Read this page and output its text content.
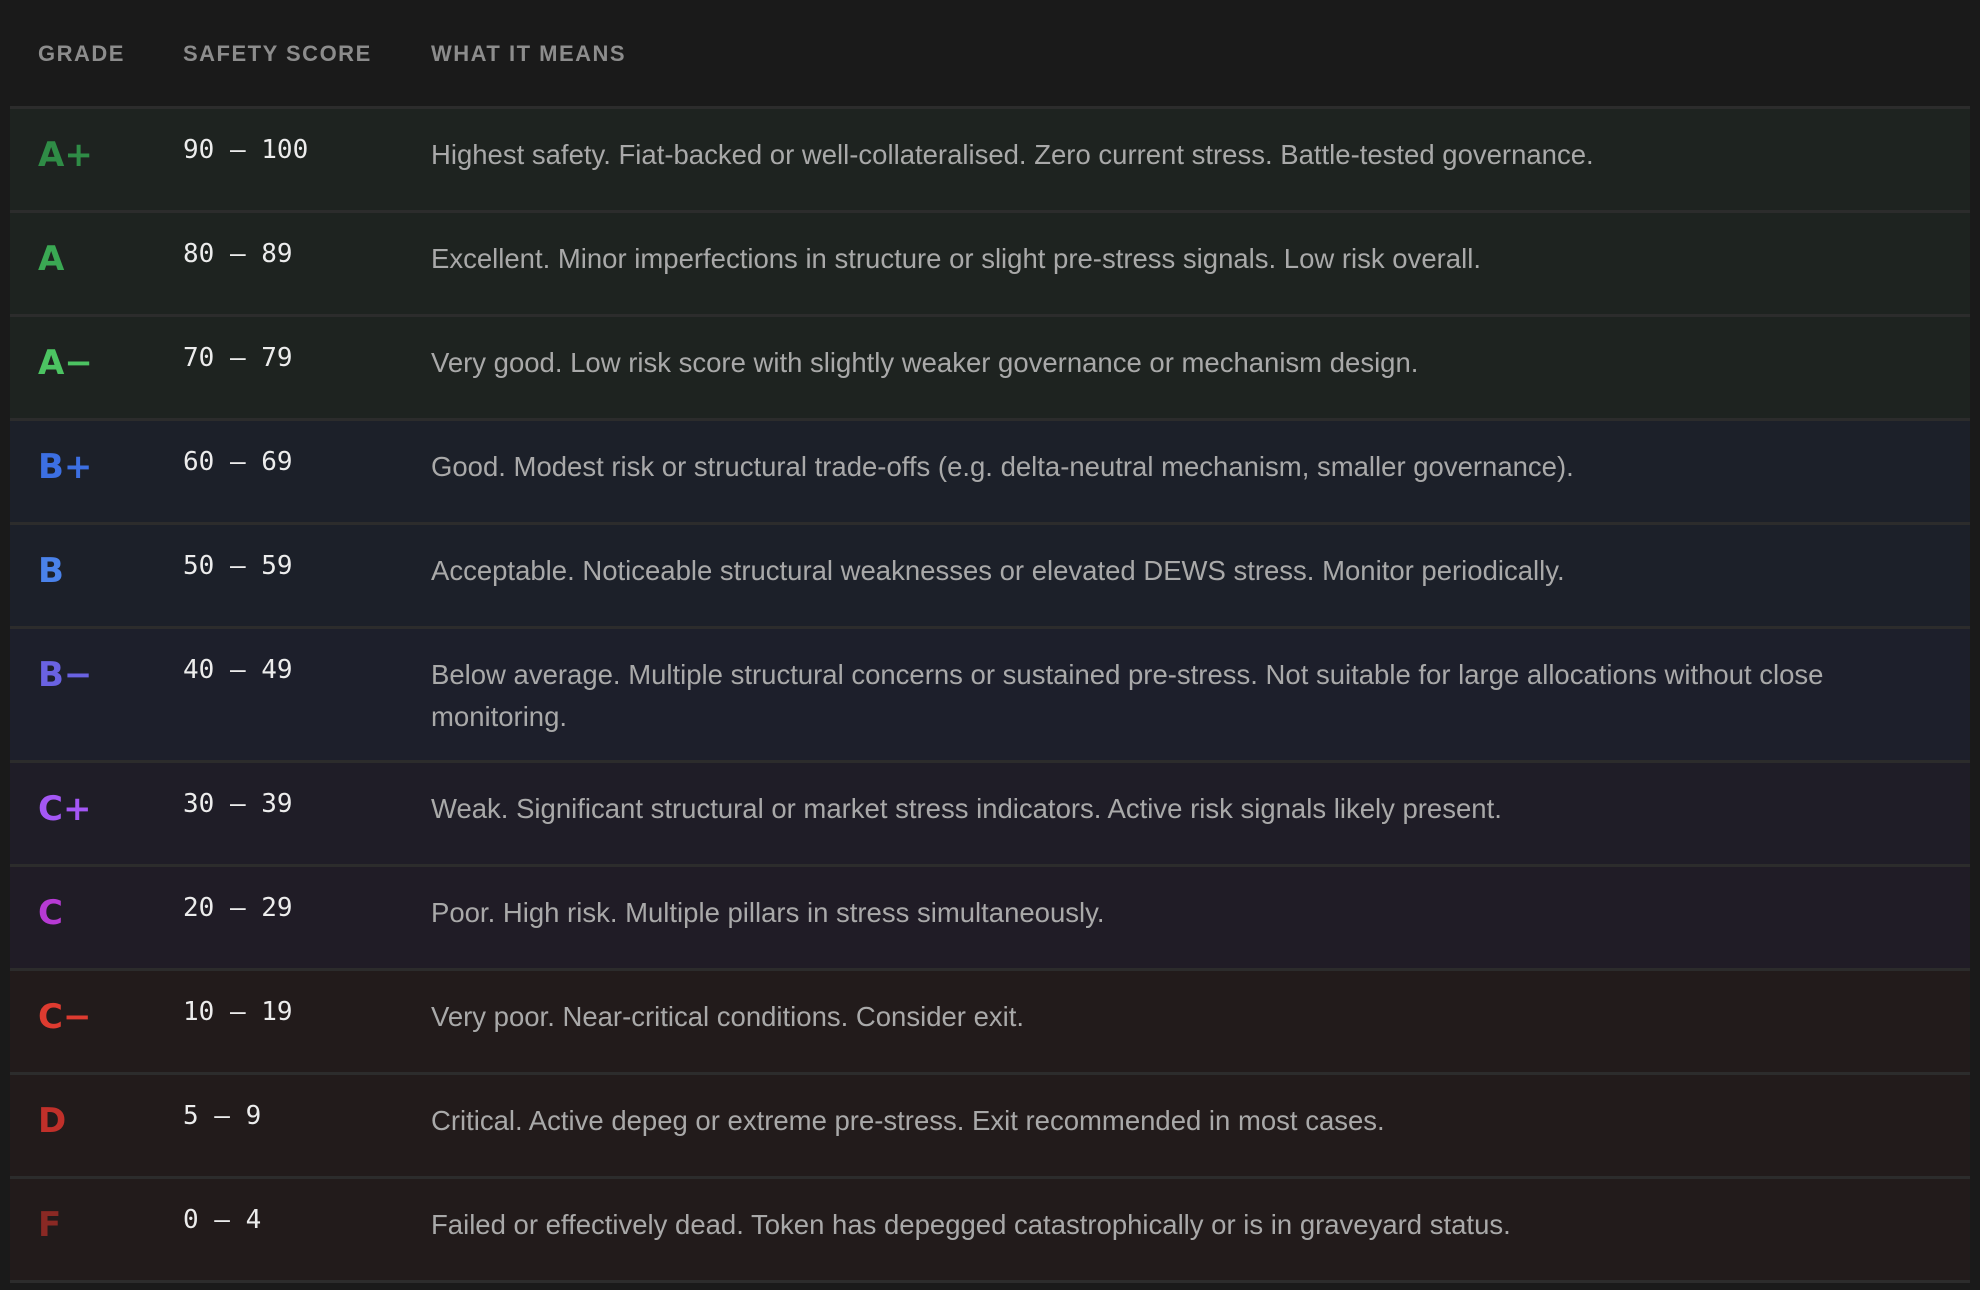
GRADE	SAFETY SCORE	WHAT IT MEANS
A+	90 – 100	Highest safety. Fiat-backed or well-collateralised. Zero current stress. Battle-tested governance.
A	80 – 89	Excellent. Minor imperfections in structure or slight pre-stress signals. Low risk overall.
A−	70 – 79	Very good. Low risk score with slightly weaker governance or mechanism design.
B+	60 – 69	Good. Modest risk or structural trade-offs (e.g. delta-neutral mechanism, smaller governance).
B	50 – 59	Acceptable. Noticeable structural weaknesses or elevated DEWS stress. Monitor periodically.
B−	40 – 49	Below average. Multiple structural concerns or sustained pre-stress. Not suitable for large allocations without close monitoring.
C+	30 – 39	Weak. Significant structural or market stress indicators. Active risk signals likely present.
C	20 – 29	Poor. High risk. Multiple pillars in stress simultaneously.
C−	10 – 19	Very poor. Near-critical conditions. Consider exit.
D	5 – 9	Critical. Active depeg or extreme pre-stress. Exit recommended in most cases.
F	0 – 4	Failed or effectively dead. Token has depegged catastrophically or is in graveyard status.
